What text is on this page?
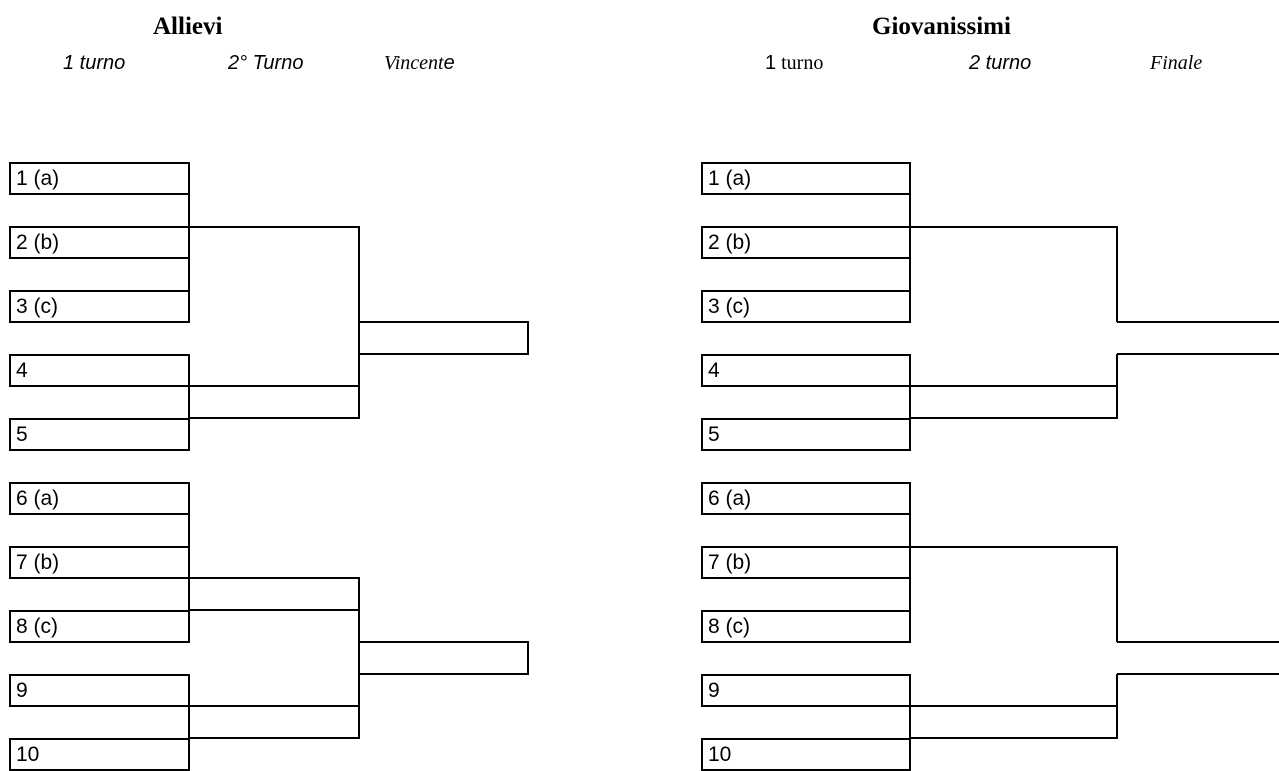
Allievi
1 turno	2° Turno	Vincente
1 (a)
2 (b)
3 (c)
4
5
6 (a)
7 (b)
8 (c)
9
10
Giovanissimi
1 turno	2 turno	Finale
1 (a)
2 (b)
3 (c)
4
5
6 (a)
7 (b)
8 (c)
9
10
